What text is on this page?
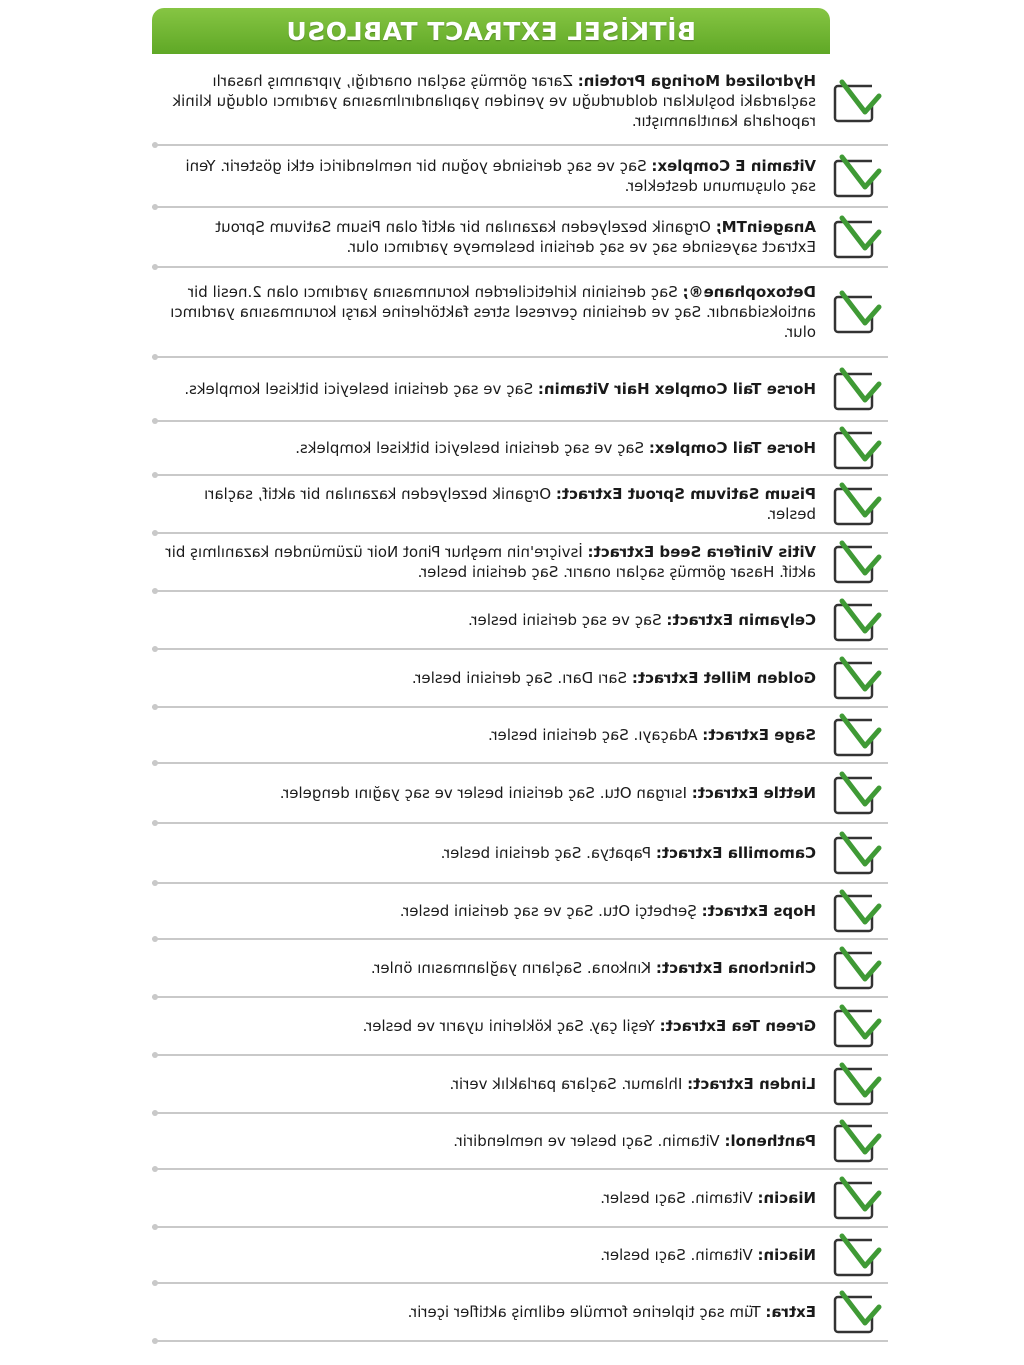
BİTKİSEL EXTRACT TABLOSU
Hydrolized Moringa Protein: Zarar görmüş saçları onardığı, yıpranmış hasarlı saçlardaki boşlukları doldurduğu ve yeniden yapılandırılmasına yardımcı olduğu klinik raporlarla kanıtlanmıştır.
Vitamin E Complex: Saç ve saç derisinde yoğun bir nemlendirici etki gösterir. Yeni saç oluşumunu destekler.
AnageinTM; Organik bezelyeden kazanılan bir aktif olan Pisum Sativum Sprout Extract sayesinde saç ve saç derisini beslemeye yardımcı olur.
Detoxophane®; Saç derisinin kirleticilerden korunmasına yardımcı olan 2.nesil bir antioksidandır. Saç ve derisinin çevresel stres faktörlerine karşı korunmasına yardımcı olur.
Horse Tail Complex Hair Vitamin: Saç ve saç derisini besleyici bitkisel kompleks.
Horse Tail Complex: Saç ve saç derisini besleyici bitkisel kompleks.
Pisum Sativum Sprout Extract: Organik bezelyeden kazanılan bir aktif, saçları besler.
Vitis Vinifera Seed Extract: İsviçre'nin meşhur Pinot Noir üzümünden kazanılmış bir aktif. Hasar görmüş saçları onarır. Saç derisini besler.
Celyamin Extract: Saç ve saç derisini besler.
Golden Millet Extract: Sarı Darı. Saç derisini besler.
Sage Extract: Adaçayı. Saç derisini besler.
Nettle Extract: Isırgan Otu. Saç derisini besler ve saç yağını dengeler.
Camomilla Extract: Papatya. Saç derisini besler.
Hops Extract: Şerbetçi Otu. Saç ve saç derisini besler.
Chinchona Extract: Kınkona. Saçların yağlanmasını önler.
Green Tea Extract: Yeşil çay. Saç köklerini uyarır ve besler.
Linden Extract: Ihlamur. Saçlara parlaklık verir.
Panthenol: Vitamin. Saçı besler ve nemlendirir.
Niacin: Vitamin. Saçı besler.
Niacin: Vitamin. Saçı besler.
Extra: Tüm saç tiplerine formüle edilmiş aktifler içerir.
